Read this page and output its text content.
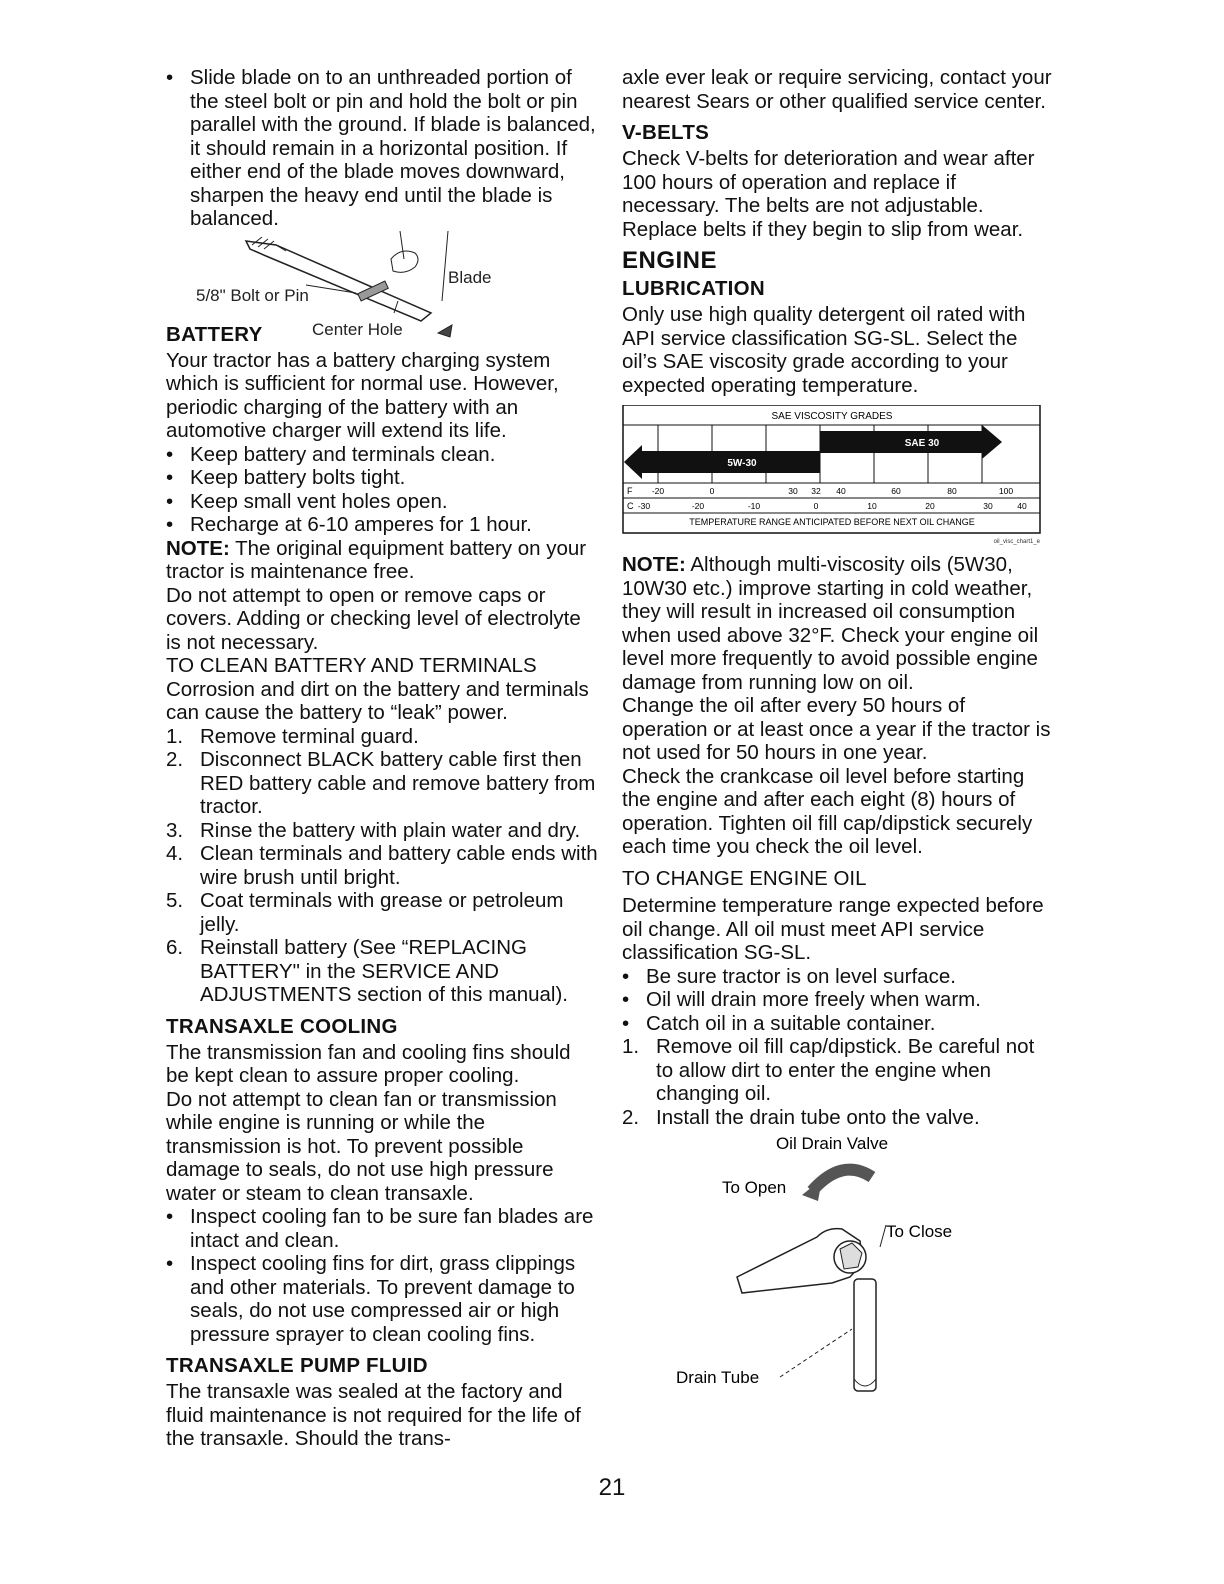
• Slide blade on to an unthreaded portion of the steel bolt or pin and hold the bolt or pin parallel with the ground. If blade is balanced, it should remain in a horizontal position. If either end of the blade moves downward, sharpen the heavy end until the blade is balanced.
5/8" Bolt or Pin
Blade
Center Hole
BATTERY

Your tractor has a battery charging system which is sufficient for normal use. However, periodic charging of the battery with an automotive charger will extend its life.

• Keep battery and terminals clean.
• Keep battery bolts tight.
• Keep small vent holes open.
• Recharge at 6-10 amperes for 1 hour.

NOTE: The original equipment battery on your tractor is maintenance free.

Do not attempt to open or remove caps or covers. Adding or checking level of electrolyte is not necessary.

TO CLEAN BATTERY AND TERMINALS

Corrosion and dirt on the battery and terminals can cause the battery to “leak” power.

1. Remove terminal guard.
2. Disconnect BLACK battery cable first then RED battery cable and remove battery from tractor.
3. Rinse the battery with plain water and dry.
4. Clean terminals and battery cable ends with wire brush until bright.
5. Coat terminals with grease or petroleum jelly.
6. Reinstall battery (See “REPLACING BATTERY" in the SERVICE AND ADJUSTMENTS section of this manual).
TRANSAXLE COOLING

The transmission fan and cooling fins should be kept clean to assure proper cooling.

Do not attempt to clean fan or transmission while engine is running or while the transmission is hot. To prevent possible damage to seals, do not use high pressure water or steam to clean transaxle.

• Inspect cooling fan to be sure fan blades are intact and clean.
• Inspect cooling fins for dirt, grass clippings and other materials. To prevent damage to seals, do not use compressed air or high pressure sprayer to clean cooling fins.
TRANSAXLE PUMP FLUID

The transaxle was sealed at the factory and fluid maintenance is not required for the life of the transaxle. Should the trans-

axle ever leak or require servicing, contact your nearest Sears or other qualified service center.

V-BELTS

Check V-belts for deterioration and wear after 100 hours of operation and replace if necessary. The belts are not adjustable. Replace belts if they begin to slip from wear.

ENGINE
LUBRICATION

Only use high quality detergent oil rated with API service classification SG-SL. Select the oil’s SAE viscosity grade according to your expected operating temperature.

SAE VISCOSITY GRADES
SAE 30
5W-30
F -20	0	30 32 40	60	80	100
C -30	-20	-10	0	10	20	30	40
TEMPERATURE RANGE ANTICIPATED BEFORE NEXT OIL CHANGE
oil_visc_chart1_e

NOTE: Although multi-viscosity oils (5W30, 10W30 etc.) improve starting in cold weather, they will result in increased oil consumption when used above 32°F. Check your engine oil level more frequently to avoid possible engine damage from running low on oil.

Change the oil after every 50 hours of operation or at least once a year if the tractor is not used for 50 hours in one year.

Check the crankcase oil level before starting the engine and after each eight (8) hours of operation. Tighten oil fill cap/dipstick securely each time you check the oil level.

TO CHANGE ENGINE OIL

Determine temperature range expected before oil change. All oil must meet API service classification SG-SL.

• Be sure tractor is on level surface.
• Oil will drain more freely when warm.
• Catch oil in a suitable container.
1. Remove oil fill cap/dipstick. Be careful not to allow dirt to enter the engine when changing oil.
2. Install the drain tube onto the valve.
Oil Drain Valve
To Open
To Close
Drain Tube
21
